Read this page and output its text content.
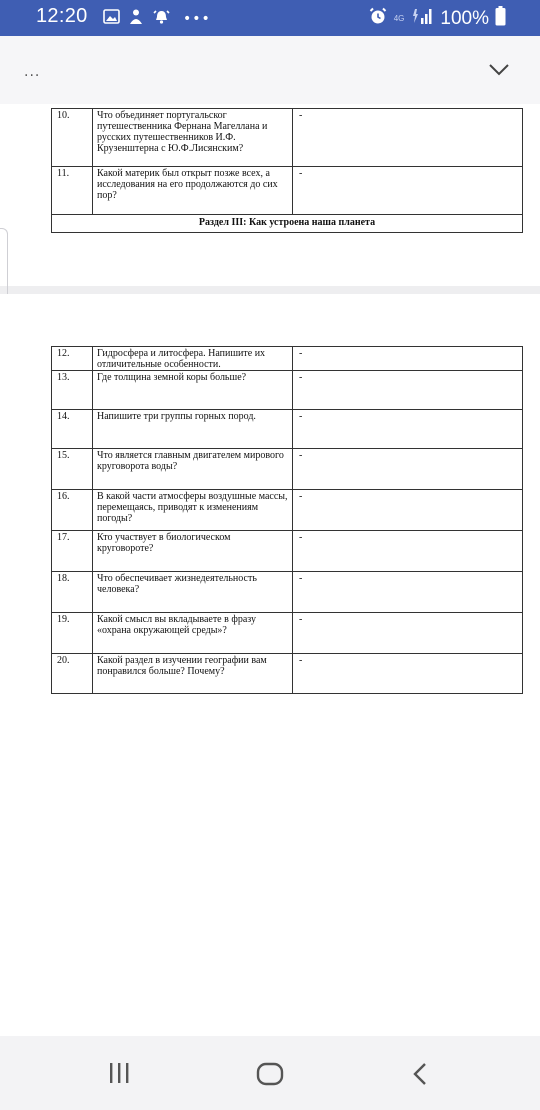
12:20	•••	4G 100%
...
10.	Что объединяет португальског путешественника Фернана Магеллана и русских путешественников И.Ф. Крузенштерна с Ю.Ф.Лисянским?	-
11.	Какой материк был открыт позже всех, а исследования на его продолжаются до сих пор?	-
Раздел III: Как устроена наша планета		
12.	Гидросфера и литосфера. Напишите их отличительные особенности.	-
13.	Где толщина земной коры больше?	-
14.	Напишите три группы горных пород.	-
15.	Что является главным двигателем мирового круговорота воды?	-
16.	В какой части атмосферы воздушные массы, перемещаясь, приводят к изменениям погоды?	-
17.	Кто участвует в биологическом круговороте?	-
18.	Что обеспечивает жизнедеятельность человека?	-
19.	Какой смысл вы вкладываете в фразу «охрана окружающей среды»?	-
20.	Какой раздел в изучении географии вам понравился больше? Почему?	-
